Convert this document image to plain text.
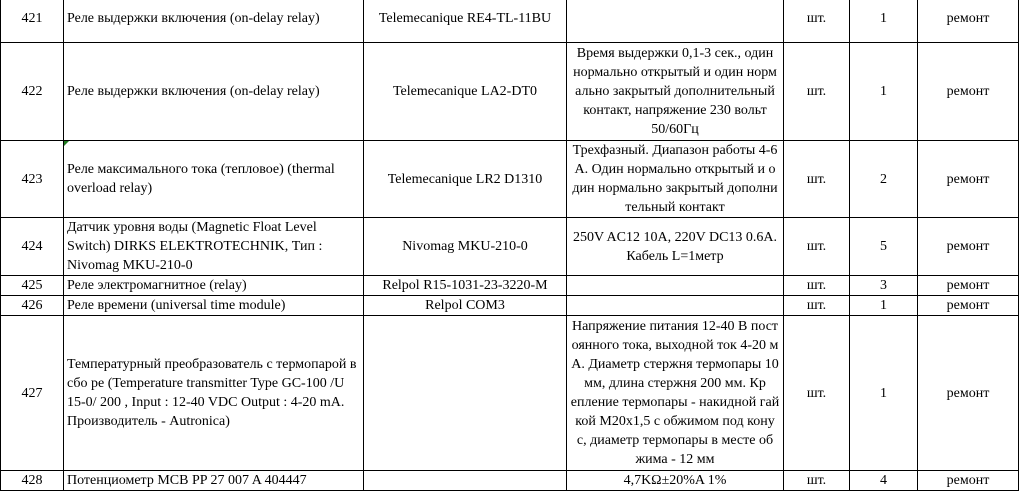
421	Реле выдержки включения (on-delay relay)	Telemecanique RE4-TL-11BU		шт.	1	ремонт
422	Реле выдержки включения (on-delay relay)	Telemecanique LA2-DT0	Время выдержки 0,1-3 сек., один нормально открытый и один норм ально закрытый дополнительный контакт, напряжение 230 вольт 50/60Гц	шт.	1	ремонт
423	Реле максимального тока (тепловое) (thermal overload relay)	Telemecanique LR2 D1310	Трехфазный. Диапазон работы 4-6 А. Один нормально открытый и о дин нормально закрытый дополни тельный контакт	шт.	2	ремонт
424	Датчик уровня воды (Magnetic Float Level Switch) DIRKS ELEKTROTECHNIK, Тип : Nivomag MKU-210-0	Nivomag MKU-210-0	250V AC12 10A, 220V DC13 0.6A. Кабель L=1метр	шт.	5	ремонт
425	Реле электромагнитное (relay)	Relpol R15-1031-23-3220-M		шт.	3	ремонт
426	Реле времени (universal time module)	Relpol COM3		шт.	1	ремонт
427	Температурный преобразователь с термопарой в сбо ре (Temperature transmitter Type GC-100 /U 15-0/ 200 , Input : 12-40 VDC Output : 4-20 mA. Производитель - Autronica)		Напряжение питания 12-40 В пост оянного тока, выходной ток 4-20 м А. Диаметр стержня термопары 10 мм, длина стержня 200 мм. Кр епление термопары - накидной гай кой М20х1,5 с обжимом под кону с, диаметр термопары в месте об жима - 12 мм	шт.	1	ремонт
428	Потенциометр MCB PP 27 007 A 404447		4,7KΩ±20%A 1%	шт.	4	ремонт
